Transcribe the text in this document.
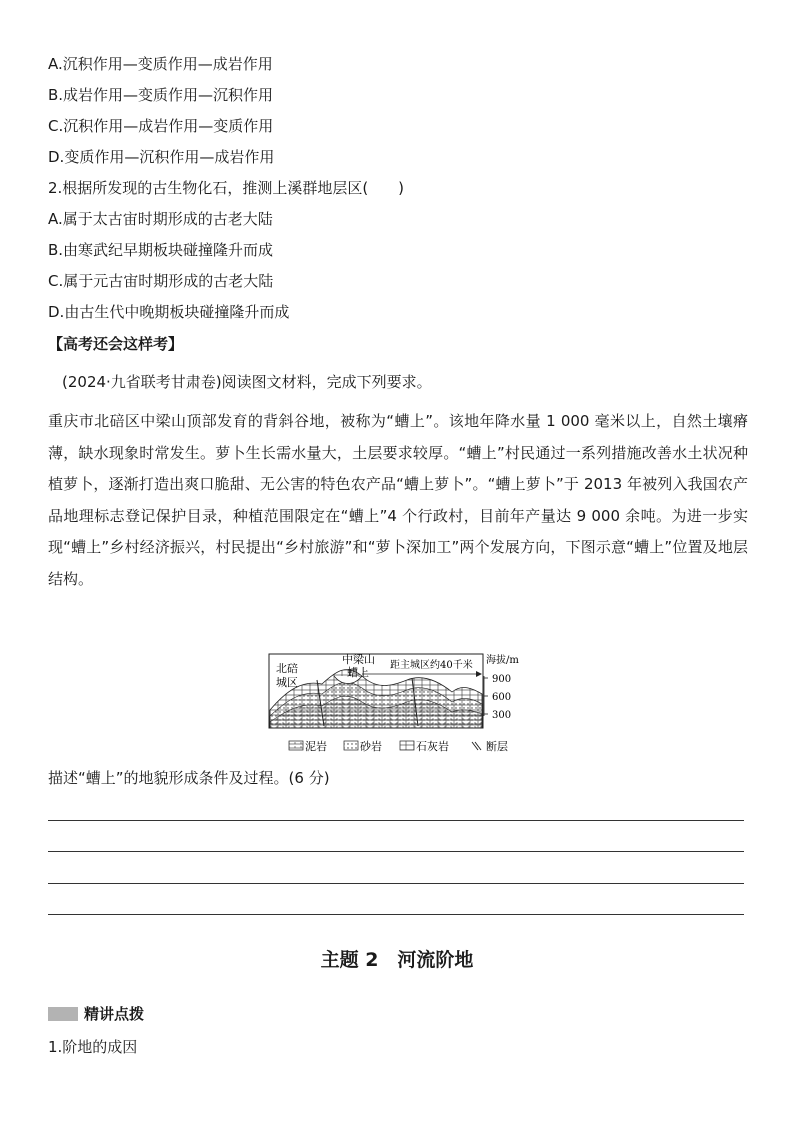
A.沉积作用—变质作用—成岩作用
B.成岩作用—变质作用—沉积作用
C.沉积作用—成岩作用—变质作用
D.变质作用—沉积作用—成岩作用
2.根据所发现的古生物化石，推测上溪群地层区(　　)
A.属于太古宙时期形成的古老大陆
B.由寒武纪早期板块碰撞隆升而成
C.属于元古宙时期形成的古老大陆
D.由古生代中晚期板块碰撞隆升而成
【高考还会这样考】
(2024·九省联考甘肃卷)阅读图文材料，完成下列要求。
重庆市北碚区中梁山顶部发育的背斜谷地，被称为“螬上”。该地年降水量 1 000 毫米以上，自然土壤瘠薄，缺水现象时常发生。萝卜生长需水量大，土层要求较厚。“螬上”村民通过一系列措施改善水土状况种植萝卜，逐渐打造出爽口脆甜、无公害的特色农产品“螬上萝卜”。“螬上萝卜”于 2013 年被列入我国农产品地理标志登记保护目录，种植范围限定在“螬上”4 个行政村，目前年产量达 9 000 余吨。为进一步实现“螬上”乡村经济振兴，村民提出“乡村旅游”和“萝卜深加工”两个发展方向，下图示意“螬上”位置及地层结构。
北碚
城区
中梁山
螬上
距主城区约40千米 海拔/m
900
600
300
泥岩	砂岩	石灰岩	断层
描述“螬上”的地貌形成条件及过程。(6 分)
主题 2　河流阶地
精讲点拨
1.阶地的成因
